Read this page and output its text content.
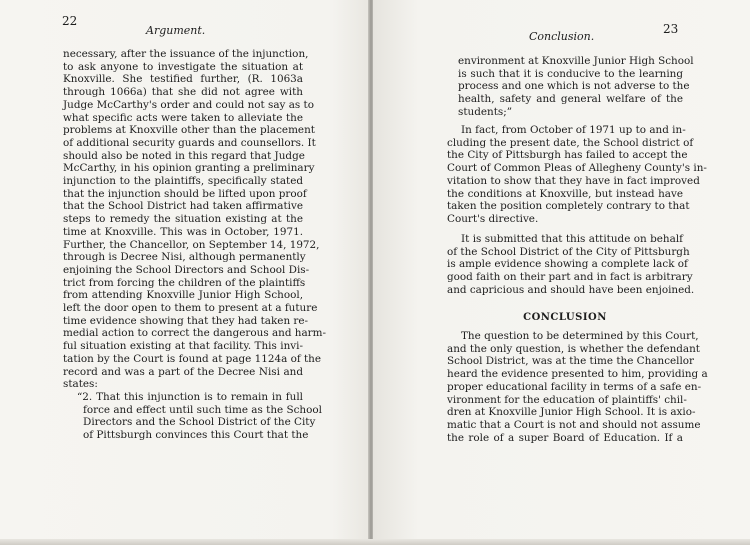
22
Argument.
necessary, after the issuance of the injunction,
to ask anyone to investigate the situation at
Knoxville. She testified further, (R. 1063a
through 1066a) that she did not agree with
Judge McCarthy's order and could not say as to
what specific acts were taken to alleviate the
problems at Knoxville other than the placement
of additional security guards and counsellors. It
should also be noted in this regard that Judge
McCarthy, in his opinion granting a preliminary
injunction to the plaintiffs, specifically stated
that the injunction should be lifted upon proof
that the School District had taken affirmative
steps to remedy the situation existing at the
time at Knoxville. This was in October, 1971.
Further, the Chancellor, on September 14, 1972,
through is Decree Nisi, although permanently
enjoining the School Directors and School Dis-
trict from forcing the children of the plaintiffs
from attending Knoxville Junior High School,
left the door open to them to present at a future
time evidence showing that they had taken re-
medial action to correct the dangerous and harm-
ful situation existing at that facility. This invi-
tation by the Court is found at page 1124a of the
record and was a part of the Decree Nisi and
states:
“2. That this injunction is to remain in full
force and effect until such time as the School
Directors and the School District of the City
of Pittsburgh convinces this Court that the
23
Conclusion.
environment at Knoxville Junior High School
is such that it is conducive to the learning
process and one which is not adverse to the
health, safety and general welfare of the
students;”
In fact, from October of 1971 up to and in-
cluding the present date, the School district of
the City of Pittsburgh has failed to accept the
Court of Common Pleas of Allegheny County's in-
vitation to show that they have in fact improved
the conditions at Knoxville, but instead have
taken the position completely contrary to that
Court's directive.
It is submitted that this attitude on behalf
of the School District of the City of Pittsburgh
is ample evidence showing a complete lack of
good faith on their part and in fact is arbitrary
and capricious and should have been enjoined.
CONCLUSION
The question to be determined by this Court,
and the only question, is whether the defendant
School District, was at the time the Chancellor
heard the evidence presented to him, providing a
proper educational facility in terms of a safe en-
vironment for the education of plaintiffs' chil-
dren at Knoxville Junior High School. It is axio-
matic that a Court is not and should not assume
the role of a super Board of Education. If a
